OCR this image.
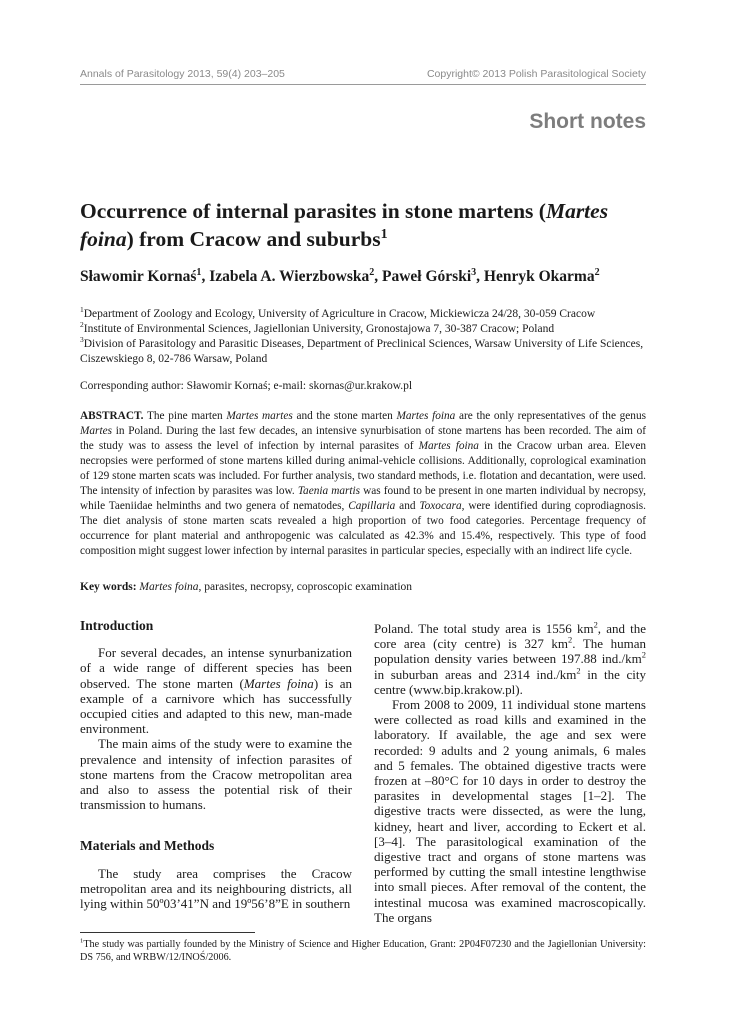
Annals of Parasitology 2013, 59(4) 203–205	Copyright© 2013 Polish Parasitological Society
Short notes
Occurrence of internal parasites in stone martens (Martes foina) from Cracow and suburbs$^1$

Sławomir Kornaś$^1$, Izabela A. Wierzbowska$^2$, Paweł Górski$^3$, Henryk Okarma$^2$

$^1$Department of Zoology and Ecology, University of Agriculture in Cracow, Mickiewicza 24/28, 30-059 Cracow
$^2$Institute of Environmental Sciences, Jagiellonian University, Gronostajowa 7, 30-387 Cracow; Poland
$^3$Division of Parasitology and Parasitic Diseases, Department of Preclinical Sciences, Warsaw University of Life Sciences, Ciszewskiego 8, 02-786 Warsaw, Poland
Corresponding author: Sławomir Kornaś; e-mail: skornas@ur.krakow.pl

ABSTRACT. The pine marten Martes martes and the stone marten Martes foina are the only representatives of the genus Martes in Poland. During the last few decades, an intensive synurbisation of stone martens has been recorded. The aim of the study was to assess the level of infection by internal parasites of Martes foina in the Cracow urban area. Eleven necropsies were performed of stone martens killed during animal-vehicle collisions. Additionally, coprological examination of 129 stone marten scats was included. For further analysis, two standard methods, i.e. flotation and decantation, were used. The intensity of infection by parasites was low. Taenia martis was found to be present in one marten individual by necropsy, while Taeniidae helminths and two genera of nematodes, Capillaria and Toxocara, were identified during coprodiagnosis. The diet analysis of stone marten scats revealed a high proportion of two food categories. Percentage frequency of occurrence for plant material and anthropogenic was calculated as 42.3% and 15.4%, respectively. This type of food composition might suggest lower infection by internal parasites in particular species, especially with an indirect life cycle.

Key words: Martes foina, parasites, necropsy, coproscopic examination
Introduction

For several decades, an intense synurbanization of a wide range of different species has been observed. The stone marten (Martes foina) is an example of a carnivore which has successfully occupied cities and adapted to this new, man-made environment.

The main aims of the study were to examine the prevalence and intensity of infection parasites of stone martens from the Cracow metropolitan area and also to assess the potential risk of their transmission to humans.

Materials and Methods

The study area comprises the Cracow metropolitan area and its neighbouring districts, all lying within 50º03’41”N and 19º56’8”E in southern

Poland. The total study area is 1556 $km^2$, and the core area (city centre) is 327 $km^2$. The human population density varies between 197.88 $ind./km^2$ in suburban areas and 2314 $ind./km^2$ in the city centre (www.bip.krakow.pl).

From 2008 to 2009, 11 individual stone martens were collected as road kills and examined in the laboratory. If available, the age and sex were recorded: 9 adults and 2 young animals, 6 males and 5 females. The obtained digestive tracts were frozen at –80°C for 10 days in order to destroy the parasites in developmental stages [1–2]. The digestive tracts were dissected, as were the lung, kidney, heart and liver, according to Eckert et al. [3–4]. The parasitological examination of the digestive tract and organs of stone martens was performed by cutting the small intestine lengthwise into small pieces. After removal of the content, the intestinal mucosa was examined macroscopically. The organs

$^1$The study was partially founded by the Ministry of Science and Higher Education, Grant: 2P04F07230 and the Jagiellonian University: DS 756, and WRBW/12/INOŚ/2006.
